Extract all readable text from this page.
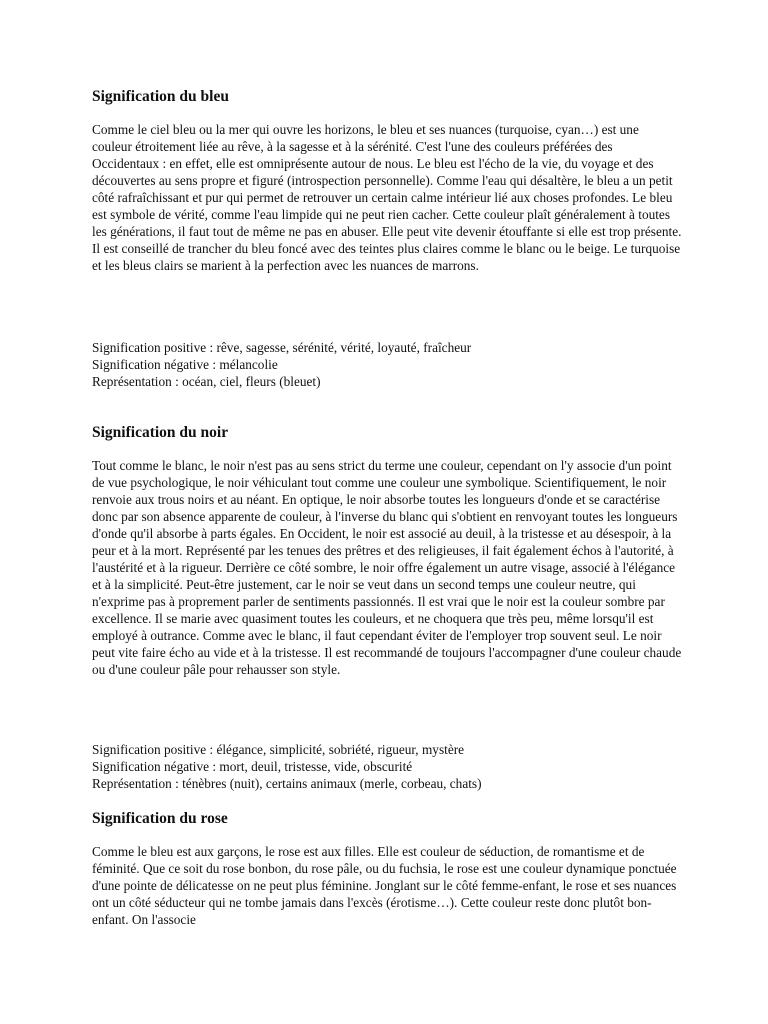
Signification du bleu

Comme le ciel bleu ou la mer qui ouvre les horizons, le bleu et ses nuances (turquoise, cyan…) est une couleur étroitement liée au rêve, à la sagesse et à la sérénité. C'est l'une des couleurs préférées des Occidentaux : en effet, elle est omniprésente autour de nous. Le bleu est l'écho de la vie, du voyage et des découvertes au sens propre et figuré (introspection personnelle). Comme l'eau qui désaltère, le bleu a un petit côté rafraîchissant et pur qui permet de retrouver un certain calme intérieur lié aux choses profondes. Le bleu est symbole de vérité, comme l'eau limpide qui ne peut rien cacher. Cette couleur plaît généralement à toutes les générations, il faut tout de même ne pas en abuser. Elle peut vite devenir étouffante si elle est trop présente. Il est conseillé de trancher du bleu foncé avec des teintes plus claires comme le blanc ou le beige. Le turquoise et les bleus clairs se marient à la perfection avec les nuances de marrons.

Signification positive : rêve, sagesse, sérénité, vérité, loyauté, fraîcheur
Signification négative : mélancolie
Représentation : océan, ciel, fleurs (bleuet)
Signification du noir

Tout comme le blanc, le noir n'est pas au sens strict du terme une couleur, cependant on l'y associe d'un point de vue psychologique, le noir véhiculant tout comme une couleur une symbolique. Scientifiquement, le noir renvoie aux trous noirs et au néant. En optique, le noir absorbe toutes les longueurs d'onde et se caractérise donc par son absence apparente de couleur, à l'inverse du blanc qui s'obtient en renvoyant toutes les longueurs d'onde qu'il absorbe à parts égales. En Occident, le noir est associé au deuil, à la tristesse et au désespoir, à la peur et à la mort. Représenté par les tenues des prêtres et des religieuses, il fait également échos à l'autorité, à l'austérité et à la rigueur. Derrière ce côté sombre, le noir offre également un autre visage, associé à l'élégance et à la simplicité. Peut-être justement, car le noir se veut dans un second temps une couleur neutre, qui n'exprime pas à proprement parler de sentiments passionnés. Il est vrai que le noir est la couleur sombre par excellence. Il se marie avec quasiment toutes les couleurs, et ne choquera que très peu, même lorsqu'il est employé à outrance. Comme avec le blanc, il faut cependant éviter de l'employer trop souvent seul. Le noir peut vite faire écho au vide et à la tristesse. Il est recommandé de toujours l'accompagner d'une couleur chaude ou d'une couleur pâle pour rehausser son style.

Signification positive : élégance, simplicité, sobriété, rigueur, mystère
Signification négative : mort, deuil, tristesse, vide, obscurité
Représentation : ténèbres (nuit), certains animaux (merle, corbeau, chats)
Signification du rose

Comme le bleu est aux garçons, le rose est aux filles. Elle est couleur de séduction, de romantisme et de féminité. Que ce soit du rose bonbon, du rose pâle, ou du fuchsia, le rose est une couleur dynamique ponctuée d'une pointe de délicatesse on ne peut plus féminine. Jonglant sur le côté femme-enfant, le rose et ses nuances ont un côté séducteur qui ne tombe jamais dans l'excès (érotisme…). Cette couleur reste donc plutôt bon-enfant. On l'associe
